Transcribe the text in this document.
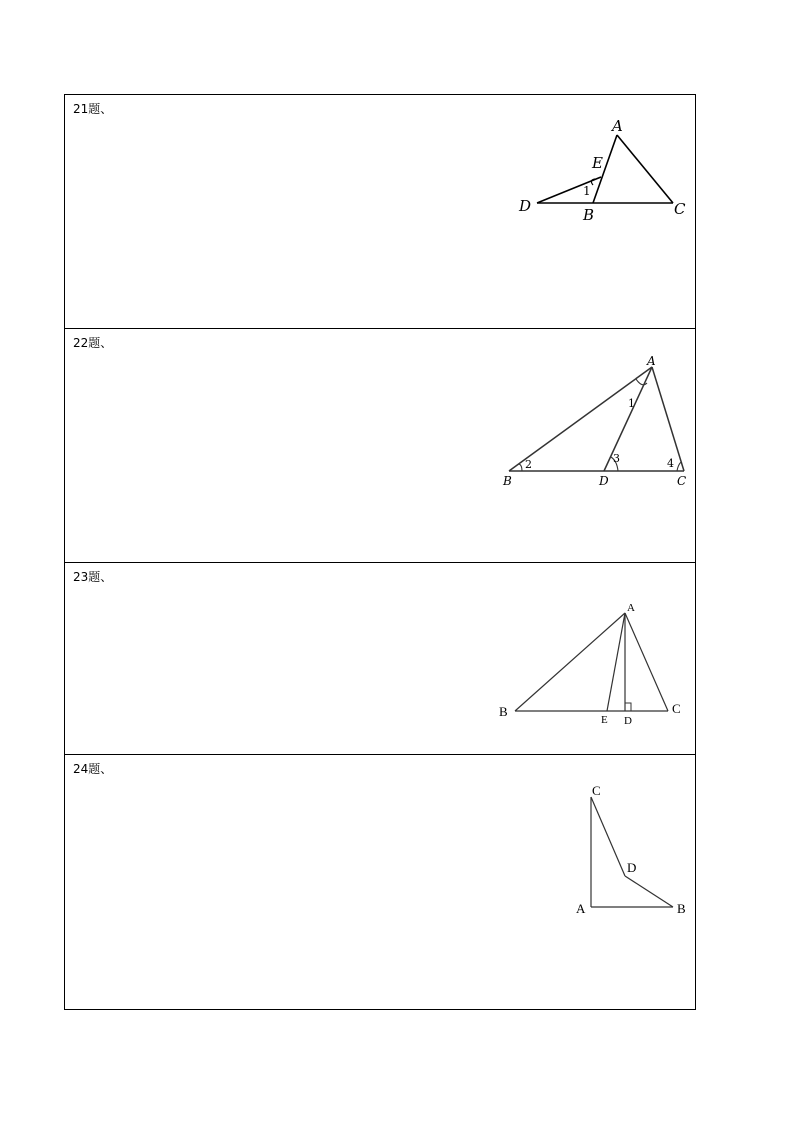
21题、
A
E
D	B	C
1
22题、
A
B	D	C
1
2	3	4
23题、
A
B
E D
C
24题、
C
D
A	B
